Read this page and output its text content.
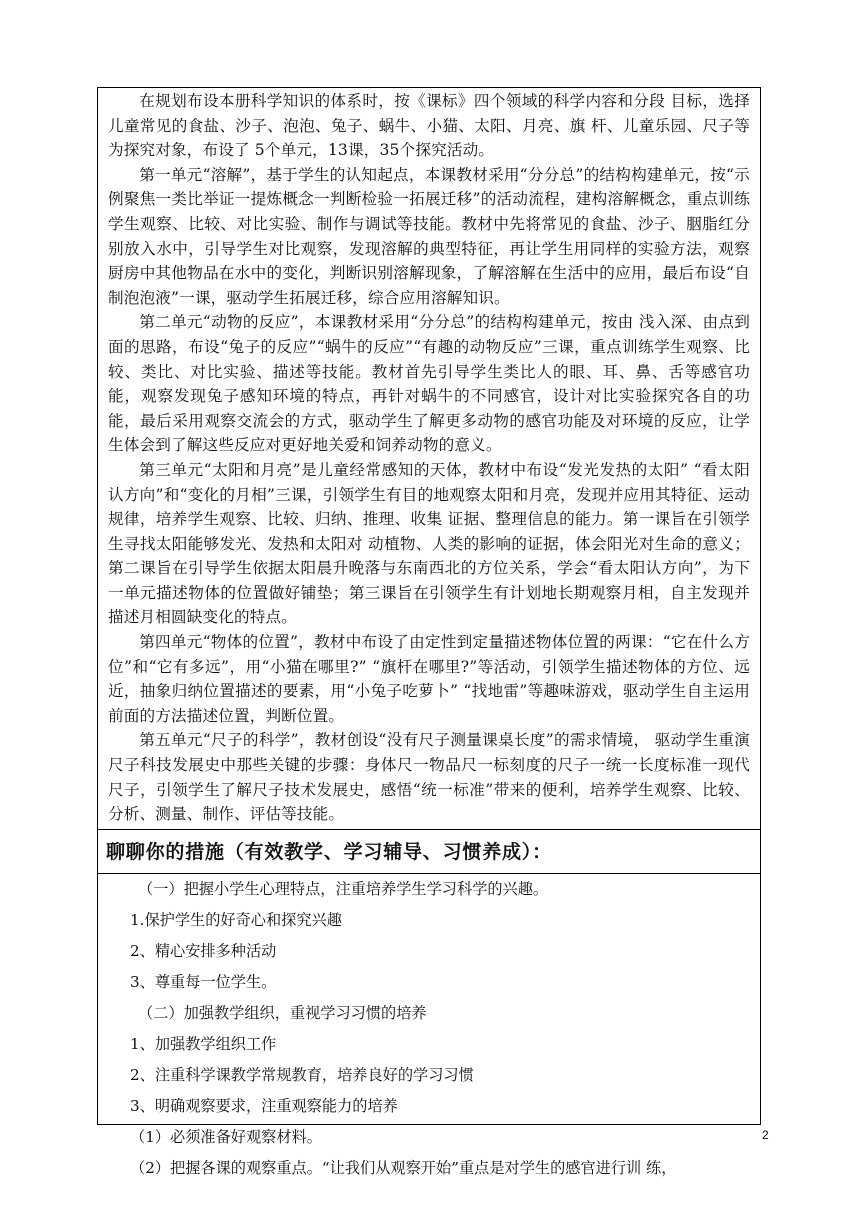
在规划布设本册科学知识的体系时，按《课标》四个领域的科学内容和分段 目标，选择儿童常见的食盐、沙子、泡泡、兔子、蜗牛、小猫、太阳、月亮、旗 杆、儿童乐园、尺子等为探究对象，布设了 5个单元，13课，35个探究活动。

第一单元“溶解”，基于学生的认知起点，本课教材采用“分分总”的结构构建单元，按“示例聚焦一类比举证一提炼概念一判断检验一拓展迁移”的活动流程，建构溶解概念，重点训练学生观察、比较、对比实验、制作与调试等技能。教材中先将常见的食盐、沙子、胭脂红分别放入水中，引导学生对比观察，发现溶解的典型特征，再让学生用同样的实验方法，观察厨房中其他物品在水中的变化，判断识别溶解现象，了解溶解在生活中的应用，最后布设“自制泡泡液”一课，驱动学生拓展迁移，综合应用溶解知识。

第二单元“动物的反应”，本课教材采用“分分总”的结构构建单元，按由 浅入深、由点到面的思路，布设“兔子的反应”“蜗牛的反应”“有趣的动物反应”三课，重点训练学生观察、比较、类比、对比实验、描述等技能。教材首先引导学生类比人的眼、耳、鼻、舌等感官功能，观察发现兔子感知环境的特点，再针对蜗牛的不同感官，设计对比实验探究各自的功能，最后采用观察交流会的方式，驱动学生了解更多动物的感官功能及对环境的反应，让学生体会到了解这些反应对更好地关爱和饲养动物的意义。

第三单元“太阳和月亮”是儿童经常感知的天体，教材中布设“发光发热的太阳” “看太阳认方向”和“变化的月相”三课，引领学生有目的地观察太阳和月亮，发现并应用其特征、运动规律，培养学生观察、比较、归纳、推理、收集 证据、整理信息的能力。第一课旨在引领学生寻找太阳能够发光、发热和太阳对 动植物、人类的影响的证据，体会阳光对生命的意义；第二课旨在引导学生依据太阳晨升晚落与东南西北的方位关系，学会“看太阳认方向”，为下一单元描述物体的位置做好铺垫；第三课旨在引领学生有计划地长期观察月相，自主发现并描述月相圆缺变化的特点。

第四单元“物体的位置”，教材中布设了由定性到定量描述物体位置的两课：“它在什么方位”和“它有多远”，用“小猫在哪里?” “旗杆在哪里?”等活动，引领学生描述物体的方位、远近，抽象归纳位置描述的要素，用“小兔子吃萝卜” “找地雷”等趣味游戏，驱动学生自主运用前面的方法描述位置，判断位置。

第五单元“尺子的科学”，教材创设“没有尺子测量课桌长度”的需求情境， 驱动学生重演尺子科技发展史中那些关键的步骤：身体尺一物品尺一标刻度的尺子一统一长度标准一现代尺子，引领学生了解尺子技术发展史，感悟“统一标准”带来的便利，培养学生观察、比较、分析、测量、制作、评估等技能。

聊聊你的措施（有效教学、学习辅导、习惯养成）：

（一）把握小学生心理特点，注重培养学生学习科学的兴趣。

1.保护学生的好奇心和探究兴趣

2、精心安排多种活动

3、尊重每一位学生。

（二）加强教学组织，重视学习习惯的培养

1、加强教学组织工作

2、注重科学课教学常规教育，培养良好的学习习惯

3、明确观察要求，注重观察能力的培养

（1）必须准备好观察材料。

（2）把握各课的观察重点。“让我们从观察开始”重点是对学生的感官进行训 练，

2
